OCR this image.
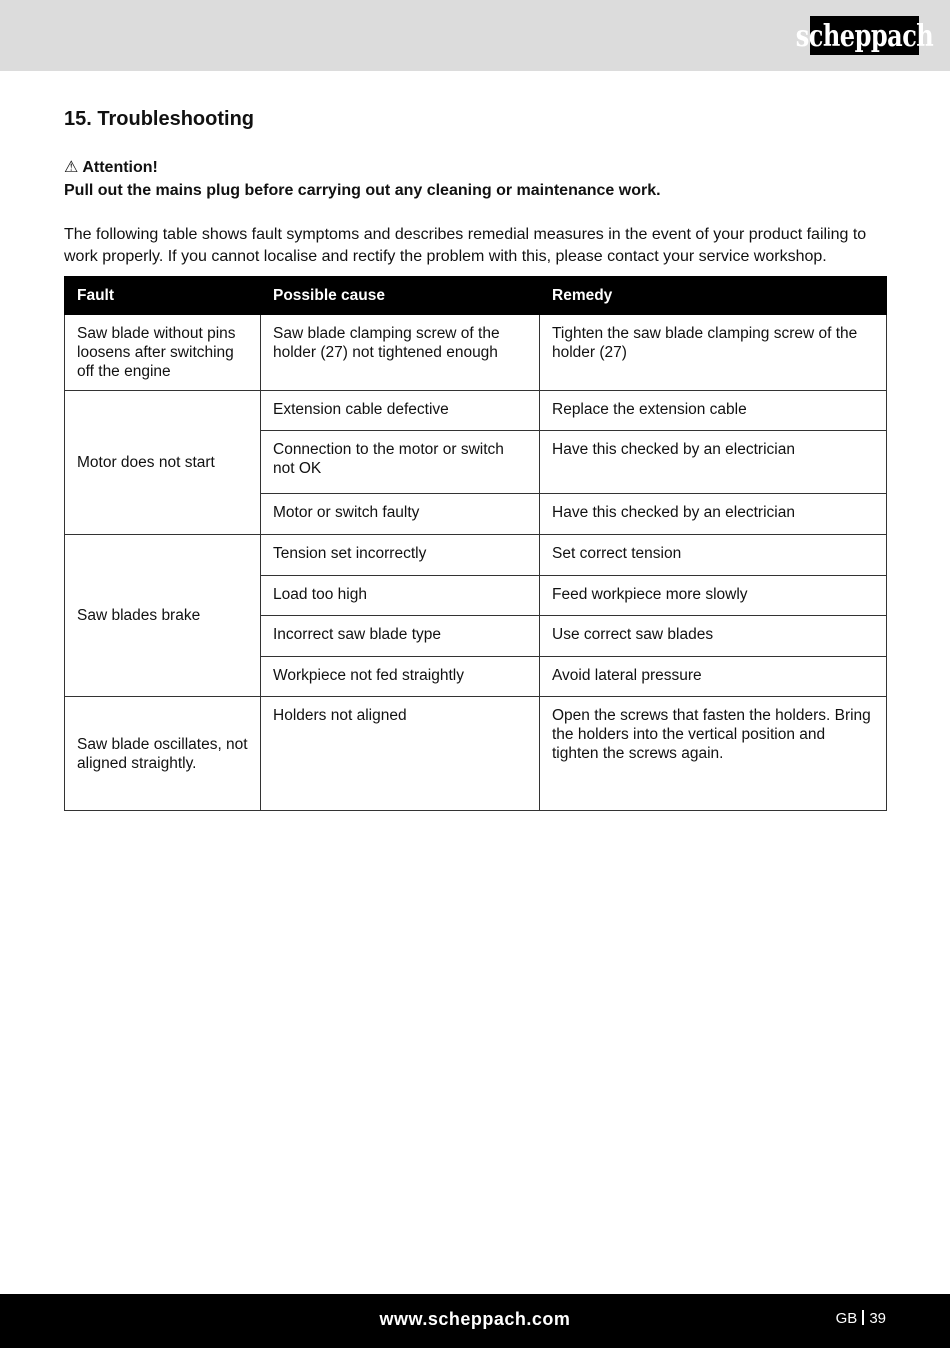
scheppach
15. Troubleshooting
⚠ Attention!
Pull out the mains plug before carrying out any cleaning or maintenance work.

The following table shows fault symptoms and describes remedial measures in the event of your product failing to work properly. If you cannot localise and rectify the problem with this, please contact your service workshop.

Fault	Possible cause	Remedy
Saw blade without pins loosens after switching off the engine	Saw blade clamping screw of the holder (27) not tightened enough	Tighten the saw blade clamping screw of the holder (27)
Motor does not start	Extension cable defective	Replace the extension cable
	Connection to the motor or switch not OK	Have this checked by an electrician
	Motor or switch faulty	Have this checked by an electrician
Saw blades brake	Tension set incorrectly	Set correct tension
	Load too high	Feed workpiece more slowly
	Incorrect saw blade type	Use correct saw blades
	Workpiece not fed straightly	Avoid lateral pressure
Saw blade oscillates, not aligned straightly.	Holders not aligned	Open the screws that fasten the holders. Bring the holders into the vertical position and tighten the screws again.
www.scheppach.com	GB 39
